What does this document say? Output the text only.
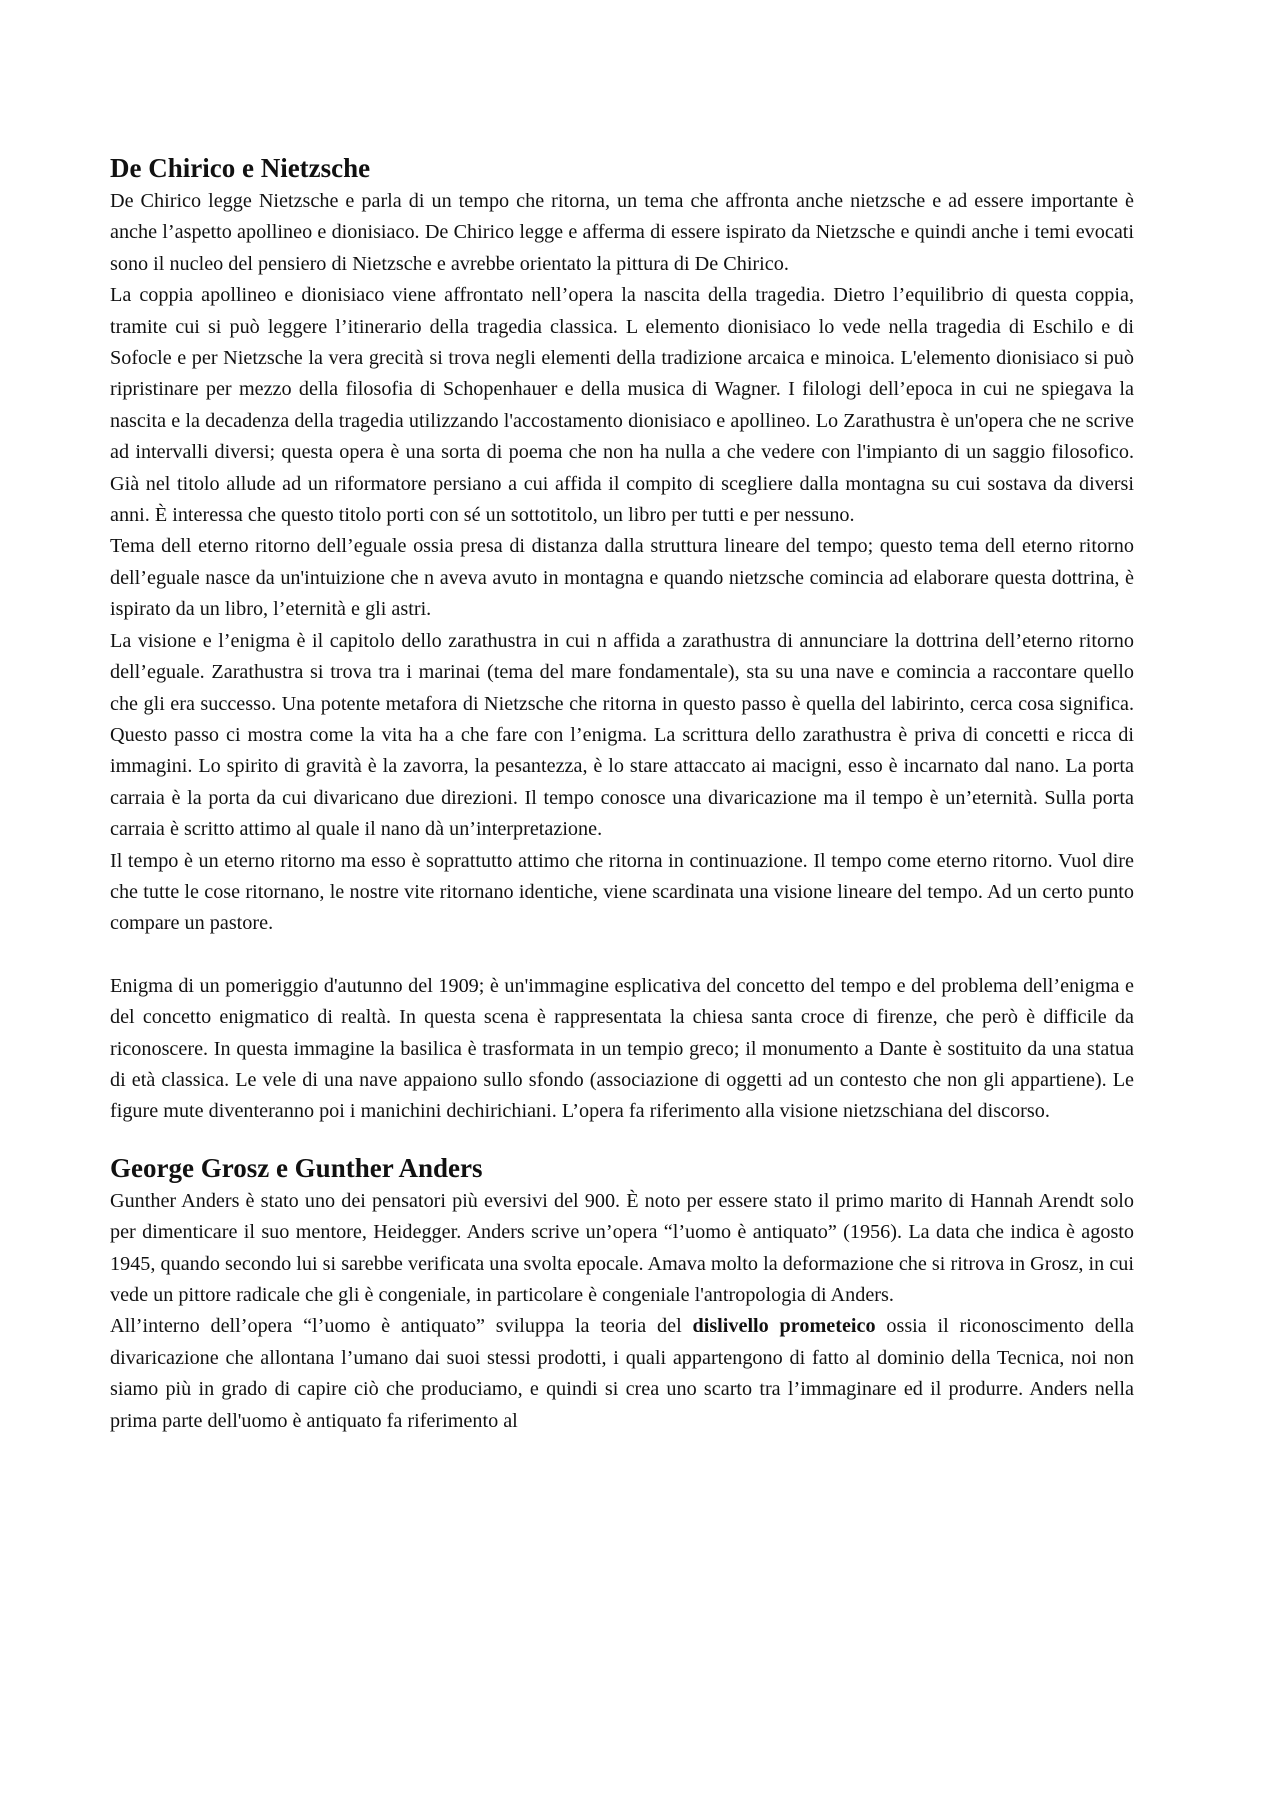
De Chirico e Nietzsche

De Chirico legge Nietzsche e parla di un tempo che ritorna, un tema che affronta anche nietzsche e ad essere importante è anche l’aspetto apollineo e dionisiaco. De Chirico legge e afferma di essere ispirato da Nietzsche e quindi anche i temi evocati sono il nucleo del pensiero di Nietzsche e avrebbe orientato la pittura di De Chirico.

La coppia apollineo e dionisiaco viene affrontato nell’opera la nascita della tragedia. Dietro l’equilibrio di questa coppia, tramite cui si può leggere l’itinerario della tragedia classica. L elemento dionisiaco lo vede nella tragedia di Eschilo e di Sofocle e per Nietzsche la vera grecità si trova negli elementi della tradizione arcaica e minoica. L'elemento dionisiaco si può ripristinare per mezzo della filosofia di Schopenhauer e della musica di Wagner. I filologi dell’epoca in cui ne spiegava la nascita e la decadenza della tragedia utilizzando l'accostamento dionisiaco e apollineo. Lo Zarathustra è un'opera che ne scrive ad intervalli diversi; questa opera è una sorta di poema che non ha nulla a che vedere con l'impianto di un saggio filosofico. Già nel titolo allude ad un riformatore persiano a cui affida il compito di scegliere dalla montagna su cui sostava da diversi anni. È interessa che questo titolo porti con sé un sottotitolo, un libro per tutti e per nessuno.

Tema dell eterno ritorno dell’eguale ossia presa di distanza dalla struttura lineare del tempo; questo tema dell eterno ritorno dell’eguale nasce da un'intuizione che n aveva avuto in montagna e quando nietzsche comincia ad elaborare questa dottrina, è ispirato da un libro, l’eternità e gli astri.

La visione e l’enigma è il capitolo dello zarathustra in cui n affida a zarathustra di annunciare la dottrina dell’eterno ritorno dell’eguale. Zarathustra si trova tra i marinai (tema del mare fondamentale), sta su una nave e comincia a raccontare quello che gli era successo. Una potente metafora di Nietzsche che ritorna in questo passo è quella del labirinto, cerca cosa significa. Questo passo ci mostra come la vita ha a che fare con l’enigma. La scrittura dello zarathustra è priva di concetti e ricca di immagini. Lo spirito di gravità è la zavorra, la pesantezza, è lo stare attaccato ai macigni, esso è incarnato dal nano. La porta carraia è la porta da cui divaricano due direzioni. Il tempo conosce una divaricazione ma il tempo è un’eternità. Sulla porta carraia è scritto attimo al quale il nano dà un’interpretazione.

Il tempo è un eterno ritorno ma esso è soprattutto attimo che ritorna in continuazione. Il tempo come eterno ritorno. Vuol dire che tutte le cose ritornano, le nostre vite ritornano identiche, viene scardinata una visione lineare del tempo. Ad un certo punto compare un pastore.

Enigma di un pomeriggio d'autunno del 1909; è un'immagine esplicativa del concetto del tempo e del problema dell’enigma e del concetto enigmatico di realtà. In questa scena è rappresentata la chiesa santa croce di firenze, che però è difficile da riconoscere. In questa immagine la basilica è trasformata in un tempio greco; il monumento a Dante è sostituito da una statua di età classica. Le vele di una nave appaiono sullo sfondo (associazione di oggetti ad un contesto che non gli appartiene). Le figure mute diventeranno poi i manichini dechirichiani. L’opera fa riferimento alla visione nietzschiana del discorso.

George Grosz e Gunther Anders

Gunther Anders è stato uno dei pensatori più eversivi del 900. È noto per essere stato il primo marito di Hannah Arendt solo per dimenticare il suo mentore, Heidegger. Anders scrive un’opera “l’uomo è antiquato” (1956). La data che indica è agosto 1945, quando secondo lui si sarebbe verificata una svolta epocale. Amava molto la deformazione che si ritrova in Grosz, in cui vede un pittore radicale che gli è congeniale, in particolare è congeniale l'antropologia di Anders.

All’interno dell’opera “l’uomo è antiquato” sviluppa la teoria del dislivello prometeico ossia il riconoscimento della divaricazione che allontana l’umano dai suoi stessi prodotti, i quali appartengono di fatto al dominio della Tecnica, noi non siamo più in grado di capire ciò che produciamo, e quindi si crea uno scarto tra l’immaginare ed il produrre. Anders nella prima parte dell'uomo è antiquato fa riferimento al
